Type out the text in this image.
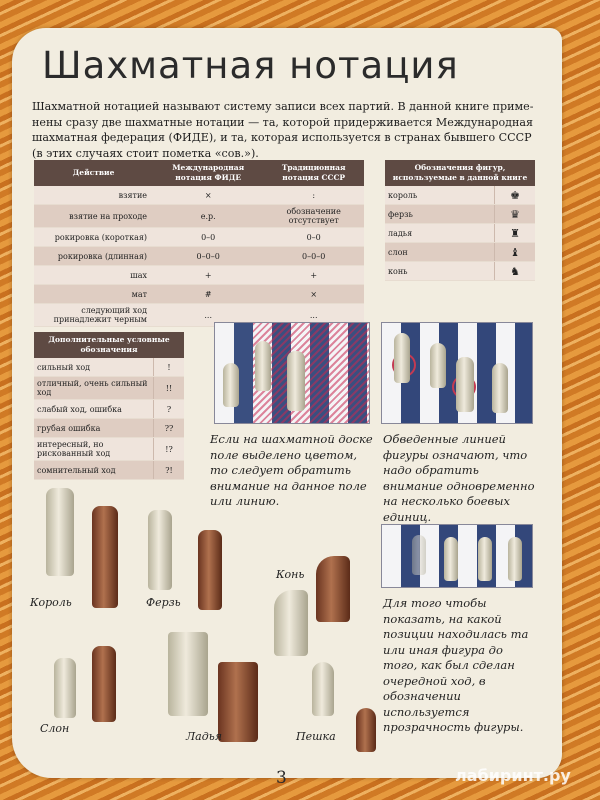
Шахматная нотация

Шахматной нотацией называют систему записи всех партий. В данной книге приме-нены сразу две шахматные нотации — та, которой придерживается Международная шахматная федерация (ФИДЕ), и та, которая используется в странах бывшего СССР (в этих случаях стоит пометка «сов.»).

Действие	Международная нотация ФИДЕ	Традиционная нотация СССР
взятие	×	:
взятие на проходе	e.p.	обозначение отсутствует
рокировка (короткая)	0–0	0–0
рокировка (длинная)	0–0–0	0–0–0
шах	+	+
мат	#	×
следующий ход принадлежит черным	...	...
Обозначения фигур, используемые в данной книге	
король	♚
ферзь	♛
ладья	♜
слон	♝
конь	♞
Дополнительные условные обозначения	
сильный ход	!
отличный, очень сильный ход	!!
слабый ход, ошибка	?
грубая ошибка	??
интересный, но рискованный ход	!?
сомнительный ход	?!

Если на шахматной доске поле выделено цветом, то следует обратить внимание на данное поле или линию.

Обведенные линией фигуры означают, что надо обратить внимание одновременно на несколько боевых единиц.

Для того чтобы показать, на какой позиции находилась та или иная фигура до того, как был сделан очередной ход, в обозначении используется прозрачность фигуры.

Король	Ферзь
Конь
Слон
Ладья	Пешка
3	лабиринт.ру
